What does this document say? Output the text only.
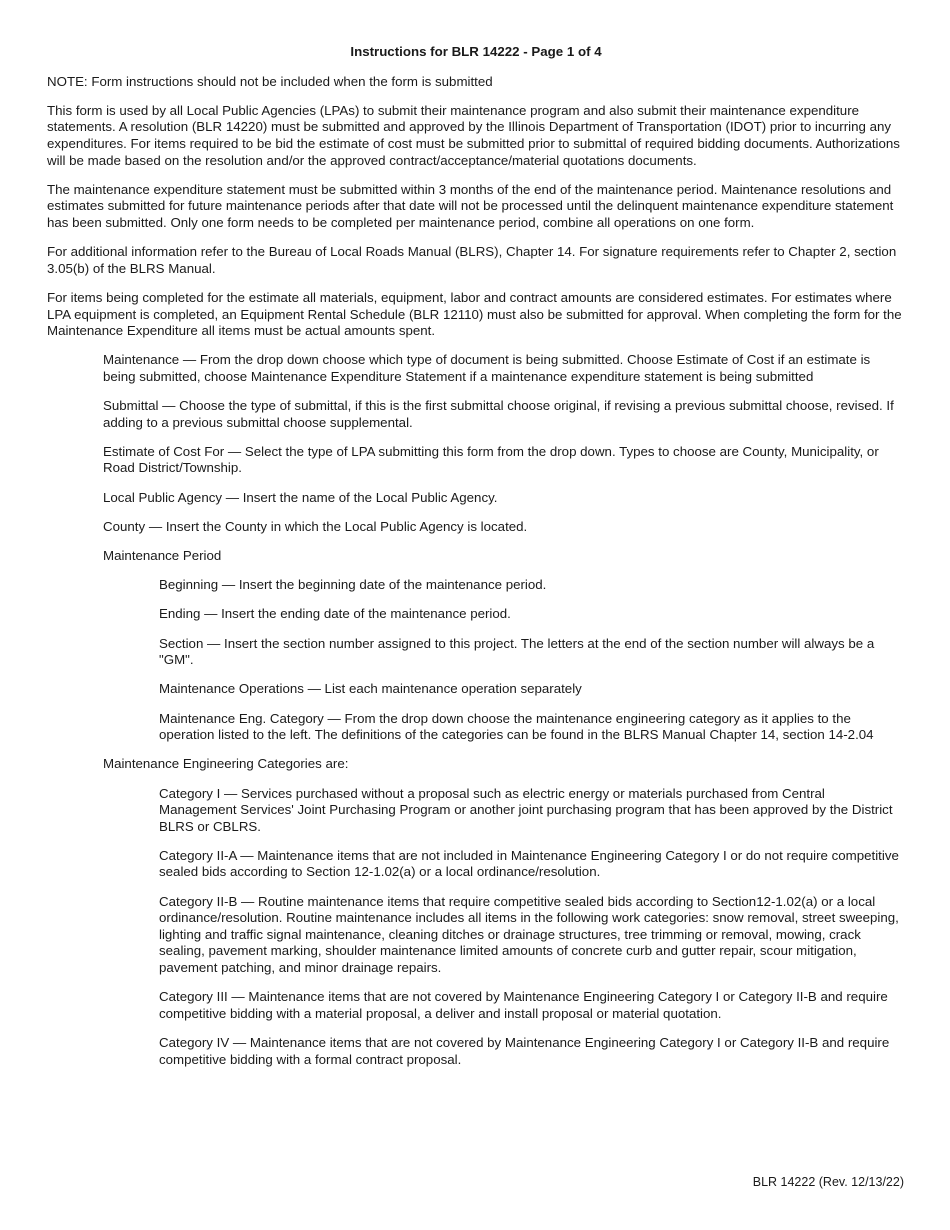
Instructions for BLR 14222 - Page 1 of 4

NOTE: Form instructions should not be included when the form is submitted

This form is used by all Local Public Agencies (LPAs) to submit their maintenance program and also submit their maintenance expenditure statements. A resolution (BLR 14220) must be submitted and approved by the Illinois Department of Transportation (IDOT) prior to incurring any expenditures. For items required to be bid the estimate of cost must be submitted prior to submittal of required bidding documents. Authorizations will be made based on the resolution and/or the approved contract/acceptance/material quotations documents.

The maintenance expenditure statement must be submitted within 3 months of the end of the maintenance period. Maintenance resolutions and estimates submitted for future maintenance periods after that date will not be processed until the delinquent maintenance expenditure statement has been submitted. Only one form needs to be completed per maintenance period, combine all operations on one form.

For additional information refer to the Bureau of Local Roads Manual (BLRS), Chapter 14. For signature requirements refer to Chapter 2, section 3.05(b) of the BLRS Manual.

For items being completed for the estimate all materials, equipment, labor and contract amounts are considered estimates. For estimates where LPA equipment is completed, an Equipment Rental Schedule (BLR 12110) must also be submitted for approval. When completing the form for the Maintenance Expenditure all items must be actual amounts spent.

Maintenance — From the drop down choose which type of document is being submitted. Choose Estimate of Cost if an estimate is being submitted, choose Maintenance Expenditure Statement if a maintenance expenditure statement is being submitted

Submittal — Choose the type of submittal, if this is the first submittal choose original, if revising a previous submittal choose, revised. If adding to a previous submittal choose supplemental.

Estimate of Cost For — Select the type of LPA submitting this form from the drop down. Types to choose are County, Municipality, or Road District/Township.

Local Public Agency — Insert the name of the Local Public Agency.

County — Insert the County in which the Local Public Agency is located.

Maintenance Period

Beginning — Insert the beginning date of the maintenance period.

Ending — Insert the ending date of the maintenance period.

Section — Insert the section number assigned to this project. The letters at the end of the section number will always be a "GM".

Maintenance Operations — List each maintenance operation separately

Maintenance Eng. Category — From the drop down choose the maintenance engineering category as it applies to the operation listed to the left. The definitions of the categories can be found in the BLRS Manual Chapter 14, section 14-2.04

Maintenance Engineering Categories are:

Category I — Services purchased without a proposal such as electric energy or materials purchased from Central Management Services' Joint Purchasing Program or another joint purchasing program that has been approved by the District BLRS or CBLRS.

Category II-A — Maintenance items that are not included in Maintenance Engineering Category I or do not require competitive sealed bids according to Section 12-1.02(a) or a local ordinance/resolution.

Category II-B — Routine maintenance items that require competitive sealed bids according to Section12-1.02(a) or a local ordinance/resolution. Routine maintenance includes all items in the following work categories: snow removal, street sweeping, lighting and traffic signal maintenance, cleaning ditches or drainage structures, tree trimming or removal, mowing, crack sealing, pavement marking, shoulder maintenance limited amounts of concrete curb and gutter repair, scour mitigation, pavement patching, and minor drainage repairs.

Category III — Maintenance items that are not covered by Maintenance Engineering Category I or Category II-B and require competitive bidding with a material proposal, a deliver and install proposal or material quotation.

Category IV — Maintenance items that are not covered by Maintenance Engineering Category I or Category II-B and require competitive bidding with a formal contract proposal.

BLR 14222 (Rev. 12/13/22)
